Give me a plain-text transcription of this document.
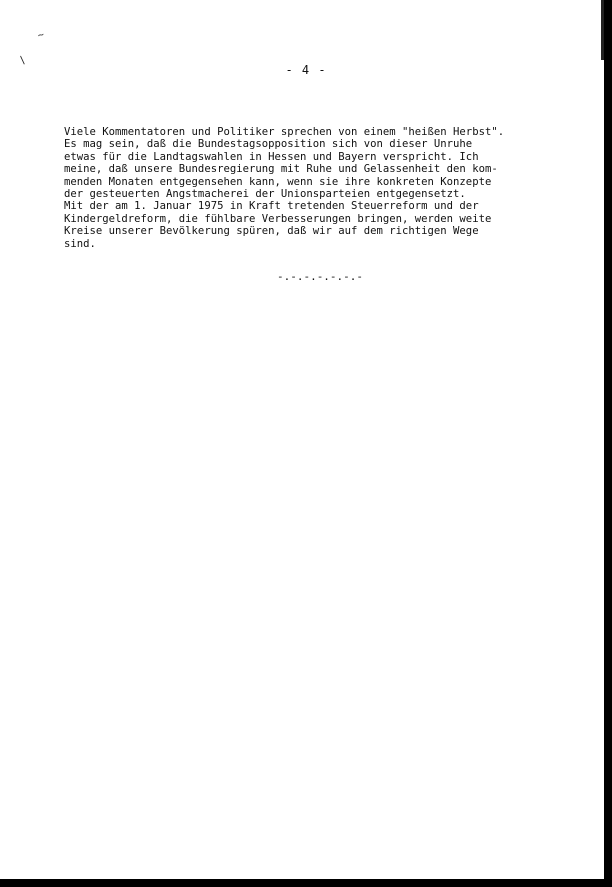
~
/
- 4 -

Viele Kommentatoren und Politiker sprechen von einem "heißen Herbst".
Es mag sein, daß die Bundestagsopposition sich von dieser Unruhe
etwas für die Landtagswahlen in Hessen und Bayern verspricht. Ich
meine, daß unsere Bundesregierung mit Ruhe und Gelassenheit den kom-
menden Monaten entgegensehen kann, wenn sie ihre konkreten Konzepte
der gesteuerten Angstmacherei der Unionsparteien entgegensetzt.
Mit der am 1. Januar 1975 in Kraft tretenden Steuerreform und der
Kindergeldreform, die fühlbare Verbesserungen bringen, werden weite
Kreise unserer Bevölkerung spüren, daß wir auf dem richtigen Wege
sind.

-.-.-.-.-.-.-
